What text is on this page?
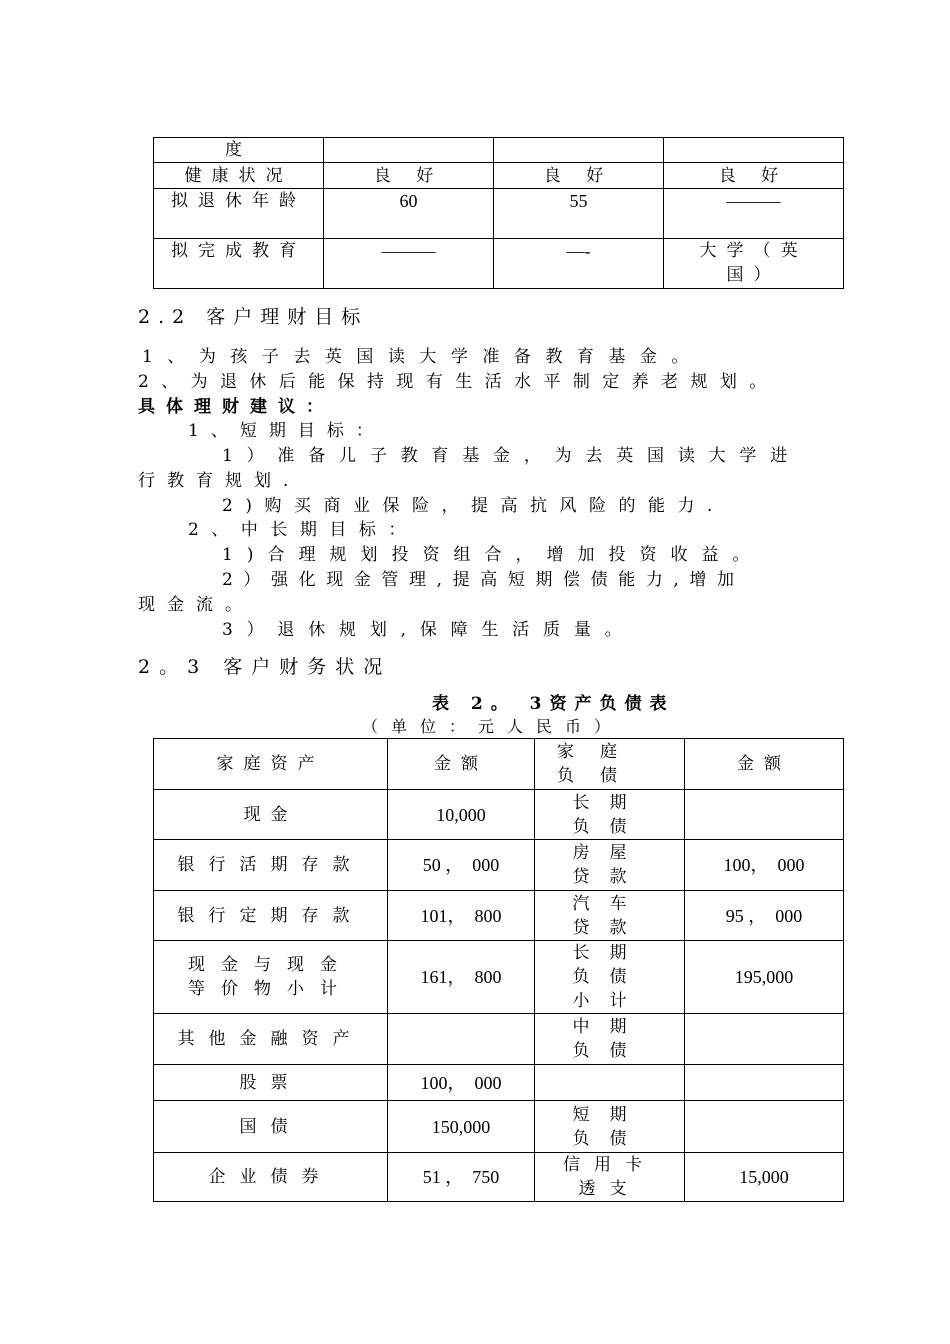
度			
健康状况	良 好	良 好	良 好
拟退休年龄	60	55	———
拟完成教育	———	—-	大学（英国）
2.2 客户理财目标
1、为孩子去英国读大学准备教育基金。
2、为退休后能保持现有生活水平制定养老规划。
具体理财建议：
1、短期目标：
1）准备儿子教育基金，为去英国读大学进
行教育规划.
2)购买商业保险，提高抗风险的能力.
2、中长期目标：
1)合理规划投资组合，增加投资收益。
2）强化现金管理,提高短期偿债能力,增加
现金流。
3）退休规划,保障生活质量。
2。3 客户财务状况
表 2。 3资产负债表
（单位：元人民币）
家庭资产	金额	家庭负债	金额
现金	10,000	长期负债	
银行活期存款	50 ，  000	房屋贷款	100，  000
银行定期存款	101，  800	汽车贷款	95 ，  000
现金与现金等价物小计	161，  800	长期负债小计	195,000
其他金融资产		中期负债	
股票	100，  000		
国债	150,000	短期负债	
企业债券	51 ，  750	信用卡透支	15,000
